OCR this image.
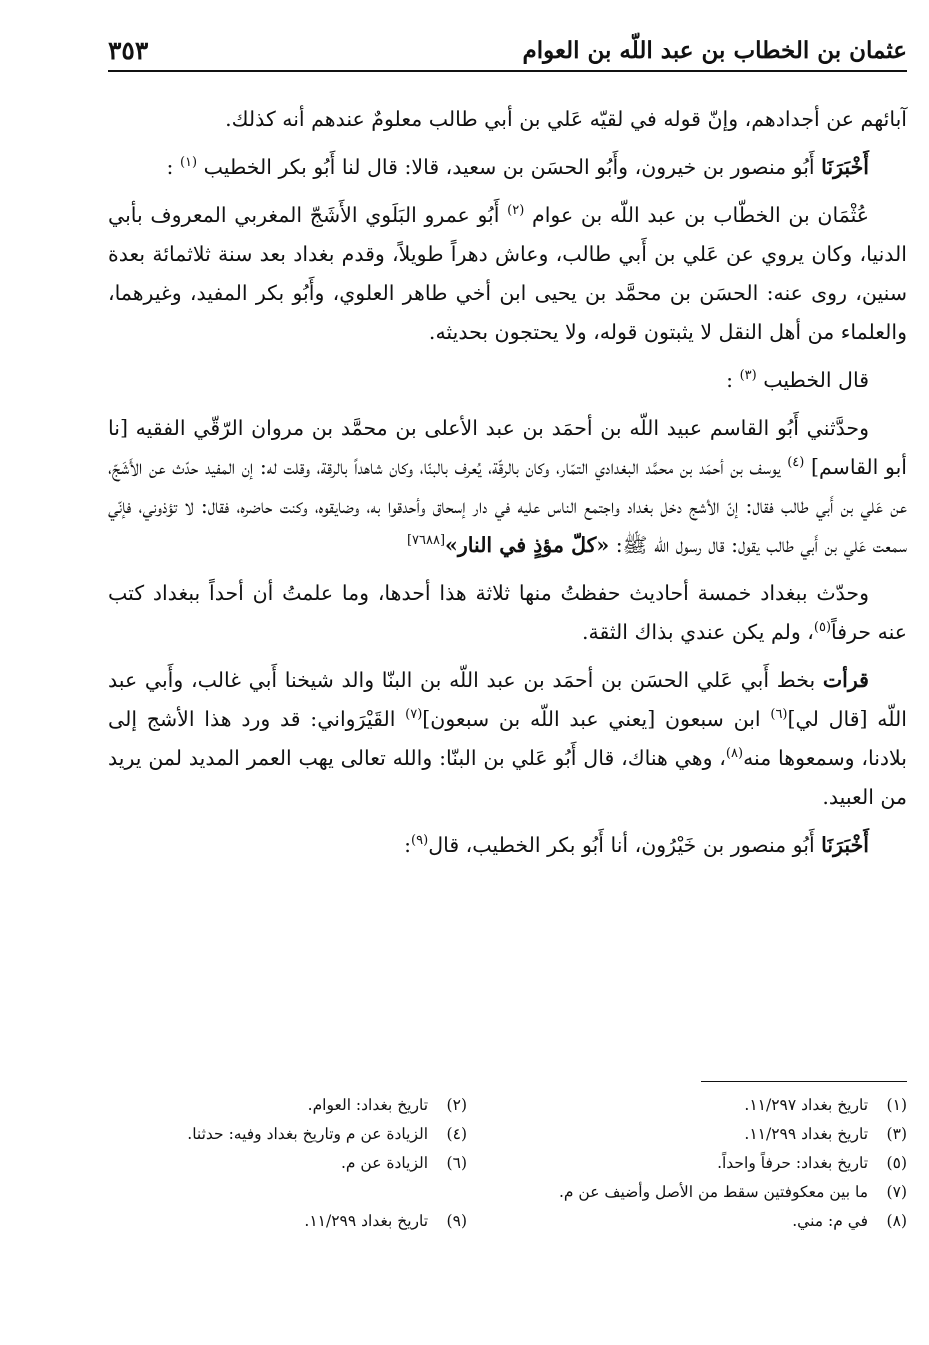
عثمان بن الخطاب بن عبد اللّه بن العوام
٣٥٣

آبائهم عن أجدادهم، وإنّ قوله في لقيّه عَلي بن أبي طالب معلومٌ عندهم أنه كذلك.

أَخْبَرَنَا أَبُو منصور بن خيرون، وأَبُو الحسَن بن سعيد، قالا: قال لنا أَبُو بكر الخطيب $^{(١)}$ :

عُثْمَان بن الخطّاب بن عبد اللّه بن عوام $^{(٢)}$ أَبُو عمرو البَلَوي الأَشَجّ المغربي المعروف بأبي الدنيا، وكان يروي عن عَلي بن أَبي طالب، وعاش دهراً طويلاً، وقدم بغداد بعد سنة ثلاثمائة بعدة سنين، روى عنه: الحسَن بن محمَّد بن يحيى ابن أخي طاهر العلوي، وأَبُو بكر المفيد، وغيرهما، والعلماء من أهل النقل لا يثبتون قوله، ولا يحتجون بحديثه.

قال الخطيب $^{(٣)}$ :

وحدَّثني أَبُو القاسم عبيد اللّه بن أحمَد بن عبد الأعلى بن محمَّد بن مروان الرّقّي الفقيه [نا أبو القاسم] $^{(٤)}$ يوسف بن أحمَد بن محمَّد البغدادي التمّار، وكان بالرقّة، يُعرف بالبنّا، وكان شاهداً بالرقة، وقلت له: إن المفيد حدّث عن الأَشَجّ، عن عَلي بن أَبي طالب فقال: إنّ الأشج دخل بغداد واجتمع الناس عليه في دار إسحاق وأحدقوا به، وضايقوه، وكنت حاضره، فقال: لا تؤذوني، فإنّي سمعت عَلي بن أَبي طالب يقول: قال رسول الله ﷺ: «كلّ مؤذٍ في النار»[٧٦٨٨]

وحدّث ببغداد خمسة أحاديث حفظتُ منها ثلاثة هذا أحدها، وما علمتُ أن أحداً ببغداد كتب عنه حرفاً$^{(٥)}$، ولم يكن عندي بذاك الثقة.

قرأت بخط أَبي عَلي الحسَن بن أحمَد بن عبد اللّه بن البنّا والد شيخنا أَبي غالب، وأَبي عبد اللّه [قال لي]$^{(٦)}$ ابن سبعون [يعني عبد اللّه بن سبعون]$^{(٧)}$ القَيْرَواني: قد ورد هذا الأشج إلى بلادنا، وسمعوها منه$^{(٨)}$، وهي هناك، قال أَبُو عَلي بن البنّا: والله تعالى يهب العمر المديد لمن يريد من العبيد.

أَخْبَرَنَا أَبُو منصور بن خَيْرُون، أنا أَبُو بكر الخطيب، قال$^{(٩)}$:

(١) تاريخ بغداد ١١/٢٩٧.
(٢) تاريخ بغداد: العوام.
(٣) تاريخ بغداد ١١/٢٩٩.
(٤) الزيادة عن م وتاريخ بغداد وفيه: حدثنا.
(٥) تاريخ بغداد: حرفاً واحداً.
(٦) الزيادة عن م.
(٧) ما بين معكوفتين سقط من الأصل وأضيف عن م.
(٨) في م: مني.
(٩) تاريخ بغداد ١١/٢٩٩.
